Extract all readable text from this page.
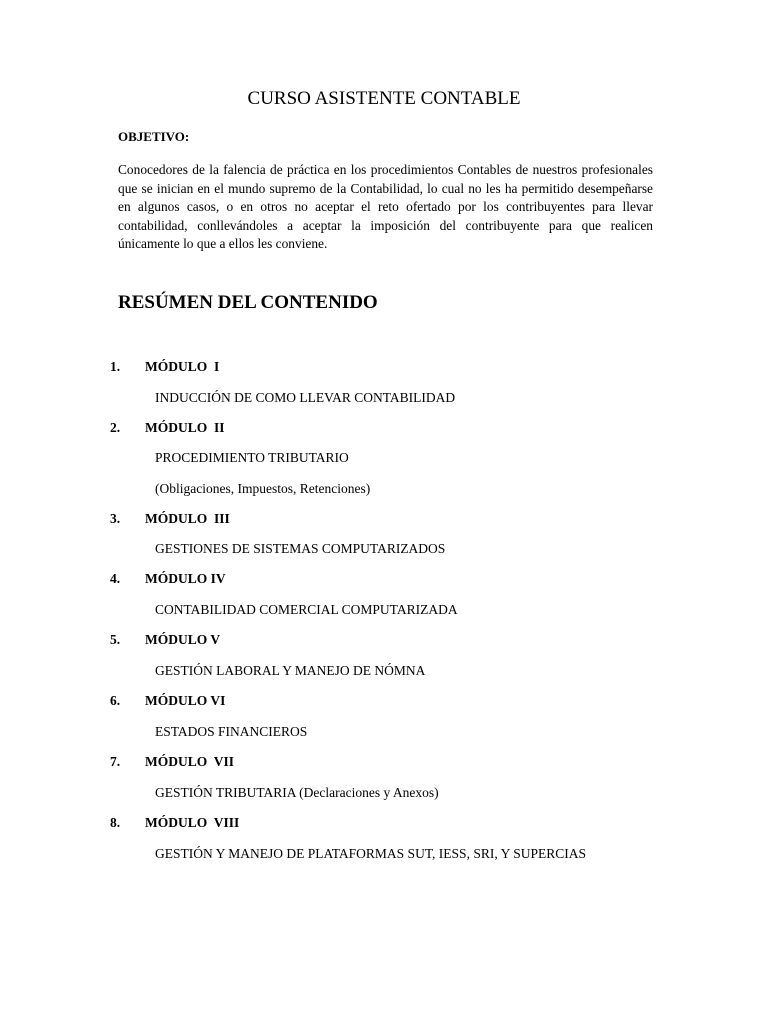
CURSO ASISTENTE CONTABLE
OBJETIVO:

Conocedores de la falencia de práctica en los procedimientos Contables de nuestros profesionales que se inician en el mundo supremo de la Contabilidad, lo cual no les ha permitido desempeñarse en algunos casos, o en otros no aceptar el reto ofertado por los contribuyentes para llevar contabilidad, conllevándoles a aceptar la imposición del contribuyente para que realicen únicamente lo que a ellos les conviene.

RESÚMEN DEL CONTENIDO
1. MÓDULO  I
INDUCCIÓN DE COMO LLEVAR CONTABILIDAD
2. MÓDULO  II
PROCEDIMIENTO TRIBUTARIO
(Obligaciones, Impuestos, Retenciones)
3. MÓDULO  III
GESTIONES DE SISTEMAS COMPUTARIZADOS
4. MÓDULO IV
CONTABILIDAD COMERCIAL COMPUTARIZADA
5. MÓDULO V
GESTIÓN LABORAL Y MANEJO DE NÓMNA
6. MÓDULO VI
ESTADOS FINANCIEROS
7. MÓDULO  VII
GESTIÓN TRIBUTARIA (Declaraciones y Anexos)
8. MÓDULO  VIII
GESTIÓN Y MANEJO DE PLATAFORMAS SUT, IESS, SRI, Y SUPERCIAS
